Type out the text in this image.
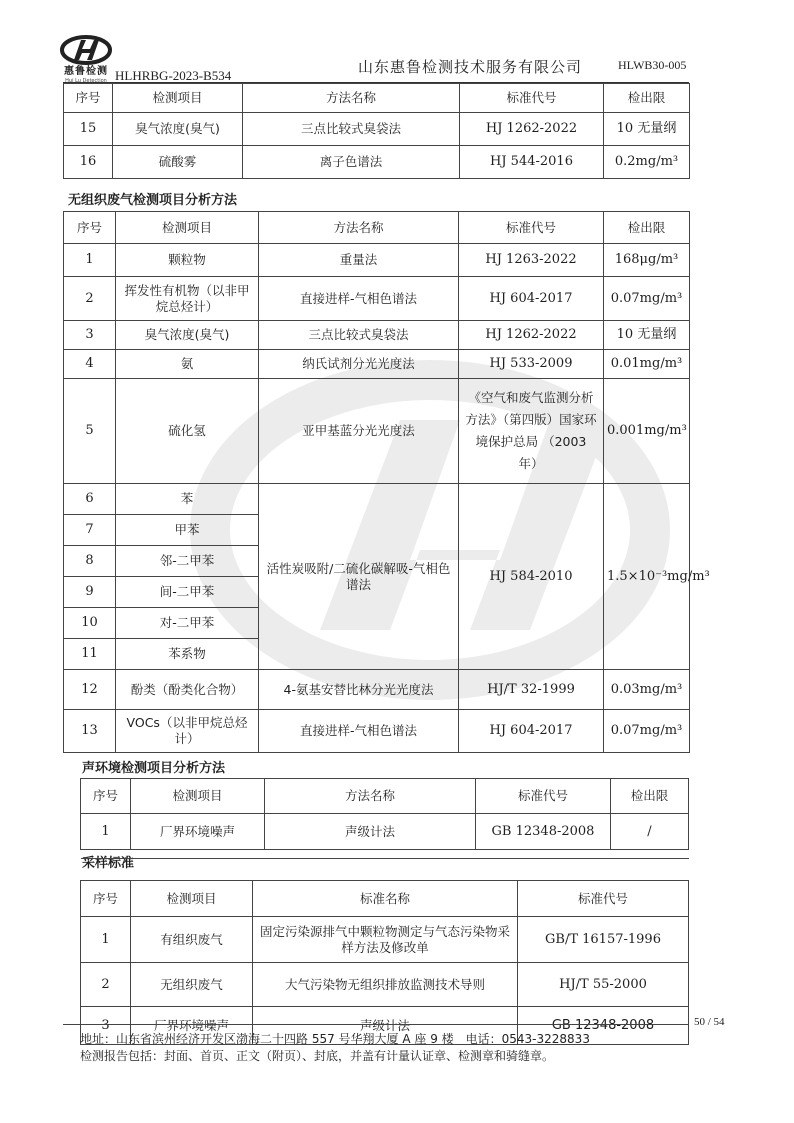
惠鲁检测
Hui Lu Detection HLHRBG-2023-B534	山东惠鲁检测技术服务有限公司	HLWB30-005
序号	检测项目	方法名称	标准代号	检出限
15	臭气浓度(臭气)	三点比较式臭袋法	HJ 1262-2022	10 无量纲
16	硫酸雾	离子色谱法	HJ 544-2016	0.2mg/m³
无组织废气检测项目分析方法
序号	检测项目	方法名称	标准代号	检出限
1	颗粒物	重量法	HJ 1263-2022	168μg/m³
2	挥发性有机物（以非甲烷总烃计）	直接进样-气相色谱法	HJ 604-2017	0.07mg/m³
3	臭气浓度(臭气)	三点比较式臭袋法	HJ 1262-2022	10 无量纲
4	氨	纳氏试剂分光光度法	HJ 533-2009	0.01mg/m³
5	硫化氢	亚甲基蓝分光光度法	《空气和废气监测分析方法》（第四版）国家环境保护总局 （2003 年）	0.001mg/m³
6	苯	活性炭吸附/二硫化碳解吸-气相色谱法	HJ 584-2010	1.5×10⁻³mg/m³
7	甲苯			
8	邻-二甲苯			
9	间-二甲苯			
10	对-二甲苯			
11	苯系物			
12	酚类（酚类化合物）	4-氨基安替比林分光光度法	HJ/T 32-1999	0.03mg/m³
13	VOCs（以非甲烷总烃计）	直接进样-气相色谱法	HJ 604-2017	0.07mg/m³
声环境检测项目分析方法
序号	检测项目	方法名称	标准代号	检出限
1	厂界环境噪声	声级计法	GB 12348-2008	/
采样标准

序号	检测项目	标准名称	标准代号
1	有组织废气	固定污染源排气中颗粒物测定与气态污染物采样方法及修改单	GB/T 16157-1996
2	无组织废气	大气污染物无组织排放监测技术导则	HJ/T 55-2000
3	厂界环境噪声	声级计法	GB 12348-2008	50 / 54
地址：山东省滨州经济开发区渤海二十四路 557 号华翔大厦 A 座 9 楼　电话：0543-3228833
检测报告包括：封面、首页、正文（附页）、封底，并盖有计量认证章、检测章和骑缝章。
